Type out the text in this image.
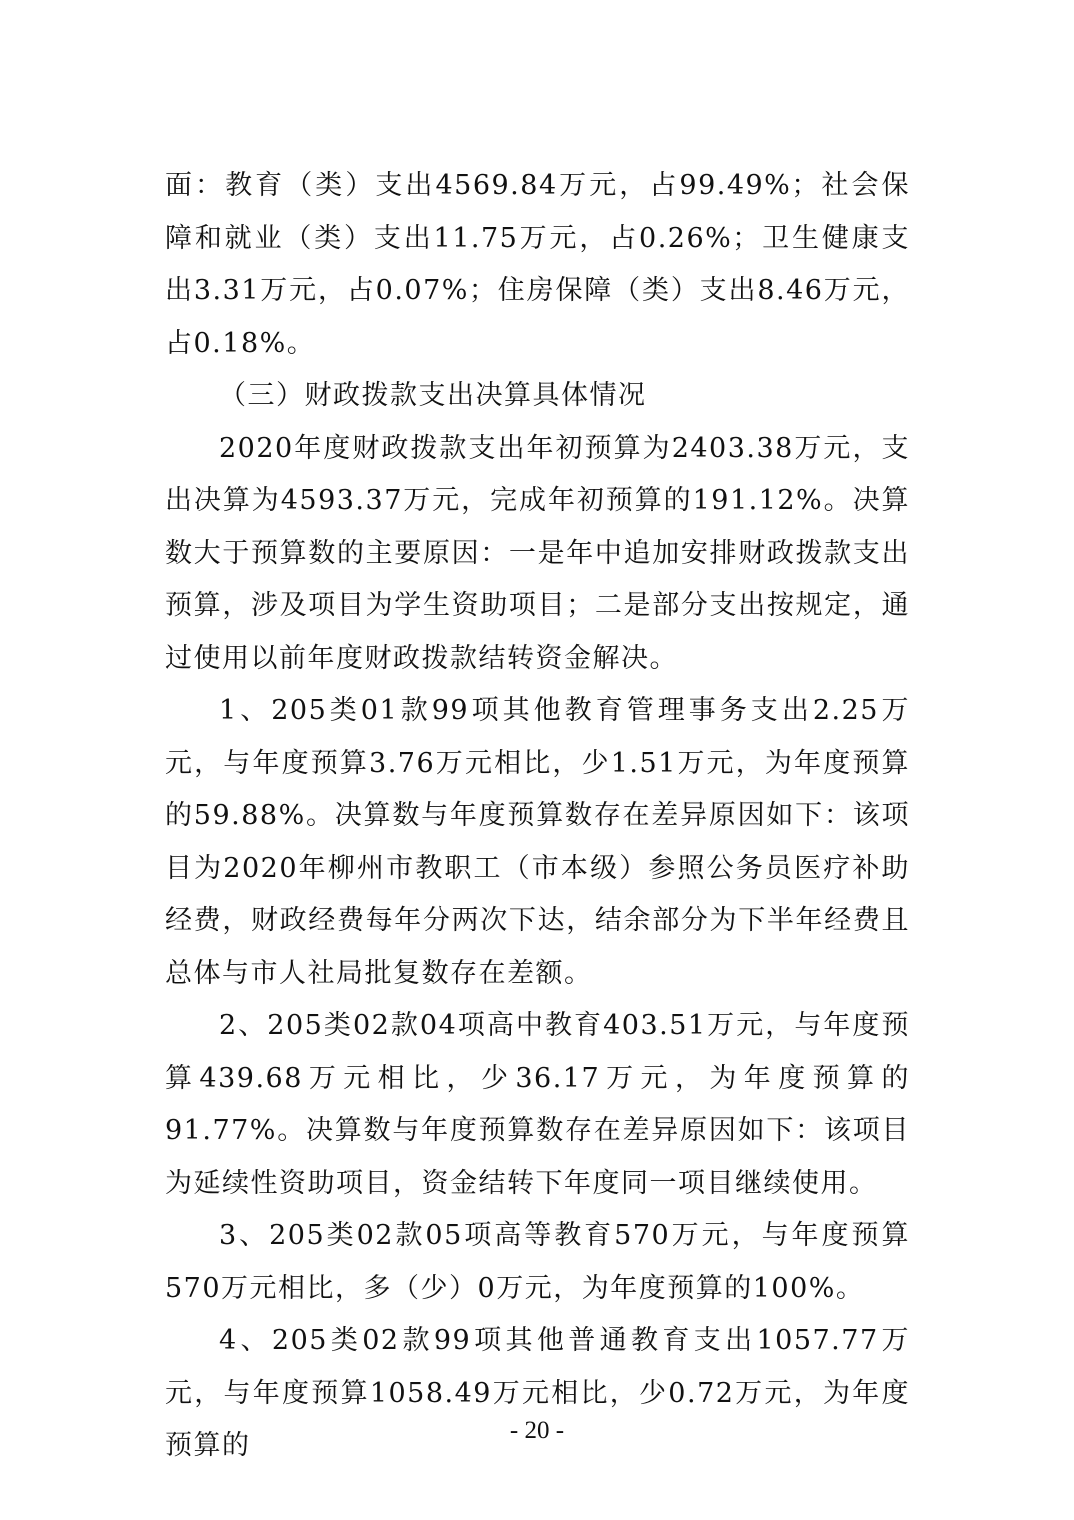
面：教育（类）支出4569.84万元，占99.49%；社会保障和就业（类）支出11.75万元，占0.26%；卫生健康支出3.31万元，占0.07%；住房保障（类）支出8.46万元，占0.18%。

（三）财政拨款支出决算具体情况

2020年度财政拨款支出年初预算为2403.38万元，支出决算为4593.37万元，完成年初预算的191.12%。决算数大于预算数的主要原因：一是年中追加安排财政拨款支出预算，涉及项目为学生资助项目；二是部分支出按规定，通过使用以前年度财政拨款结转资金解决。

1、205类01款99项其他教育管理事务支出2.25万元，与年度预算3.76万元相比，少1.51万元，为年度预算的59.88%。决算数与年度预算数存在差异原因如下：该项目为2020年柳州市教职工（市本级）参照公务员医疗补助经费，财政经费每年分两次下达，结余部分为下半年经费且总体与市人社局批复数存在差额。

2、205类02款04项高中教育403.51万元，与年度预算439.68万元相比，少36.17万元，为年度预算的91.77%。决算数与年度预算数存在差异原因如下：该项目为延续性资助项目，资金结转下年度同一项目继续使用。

3、205类02款05项高等教育570万元，与年度预算570万元相比，多（少）0万元，为年度预算的100%。

4、205类02款99项其他普通教育支出1057.77万元，与年度预算1058.49万元相比，少0.72万元，为年度预算的	- 20 -
